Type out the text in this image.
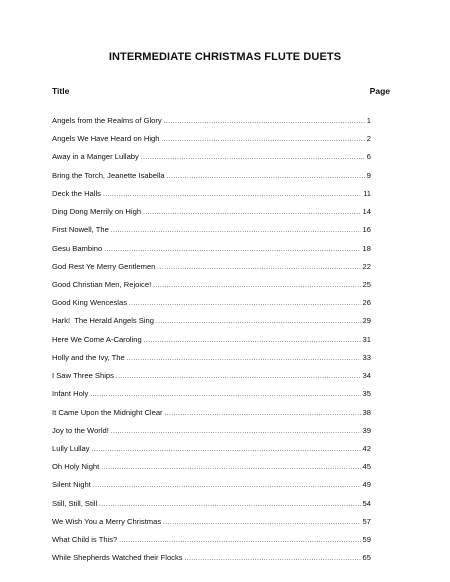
INTERMEDIATE CHRISTMAS FLUTE DUETS
Title	Page
Angels from the Realms of Glory .....	1
Angels We Have Heard on High .....	2
Away in a Manger Lullaby .....	6
Bring the Torch, Jeanette Isabella .....	9
Deck the Halls .....	11
Ding Dong Merrily on High .....	14
First Nowell, The .....	16
Gesu Bambino .....	18
God Rest Ye Merry Gentlemen .....	22
Good Christian Men, Rejoice! .....	25
Good King Wenceslas .....	26
Hark!  The Herald Angels Sing .....	29
Here We Come A-Caroling .....	31
Holly and the Ivy, The .....	33
I Saw Three Ships .....	34
Infant Holy .....	35
It Came Upon the Midnight Clear .....	38
Joy to the World! .....	39
Lully Lullay .....	42
Oh Holy Night .....	45
Silent Night .....	49
Still, Still, Still .....	54
We Wish You a Merry Christmas .....	57
What Child is This? .....	59
While Shepherds Watched their Flocks .....	65
